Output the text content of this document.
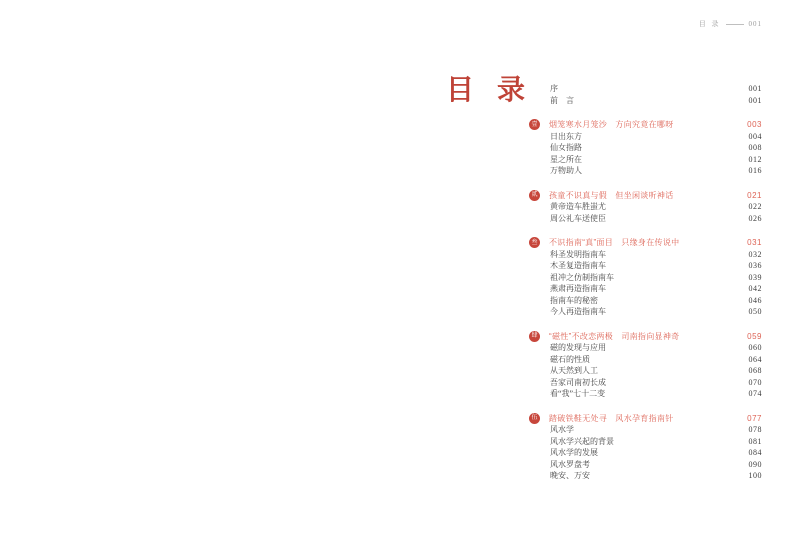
目 录	001
目录 序	001
前　言	001
壹	烟笼寒水月笼沙　方向究竟在哪呀	003
日出东方	004
仙女指路	008
星之所在	012
万物助人	016
贰	孩童不识真与假　但坐闲谈听神话	021
黄帝造车胜蚩尤	022
周公礼车送使臣	026
叁	不识指南“真”面目　只缘身在传说中	031
科圣发明指南车	032
木圣复造指南车	036
祖冲之仿制指南车	039
燕肃再造指南车	042
指南车的秘密	046
今人再造指南车	050
肆	“磁性”不改恋两极　司南指向显神奇	059
磁的发现与应用	060
磁石的性质	064
从天然到人工	068
吾家司南初长成	070
看“我”七十二变	074
伍	踏破铁鞋无处寻　风水孕育指南针	077
风水学	078
风水学兴起的背景	081
风水学的发展	084
风水罗盘考	090
晚安、万安	100
